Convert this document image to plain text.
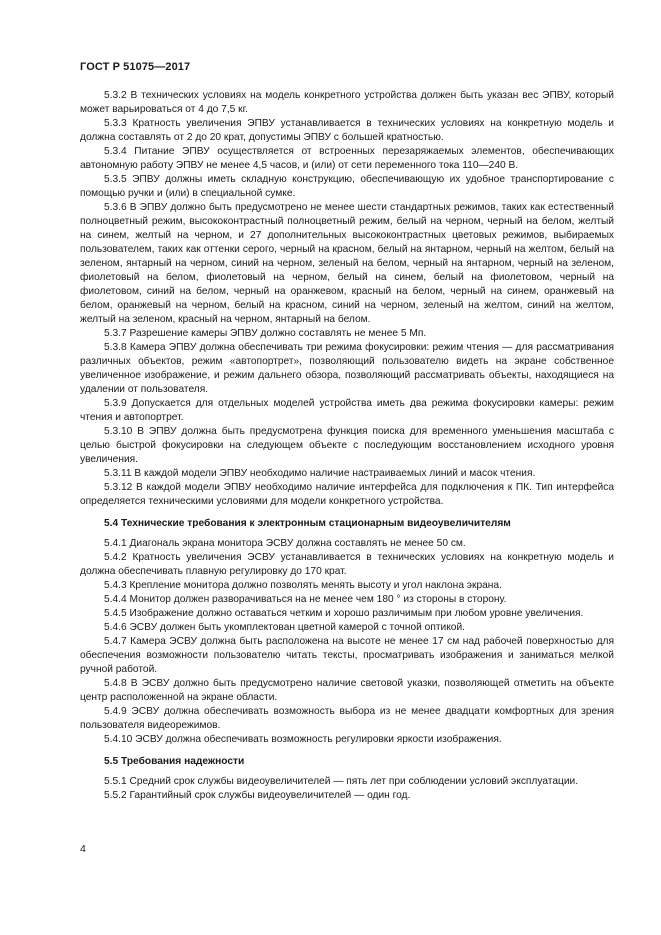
ГОСТ Р 51075—2017

5.3.2 В технических условиях на модель конкретного устройства должен быть указан вес ЭПВУ, который может варьироваться от 4 до 7,5 кг.

5.3.3 Кратность увеличения ЭПВУ устанавливается в технических условиях на конкретную модель и должна составлять от 2 до 20 крат, допустимы ЭПВУ с большей кратностью.

5.3.4 Питание ЭПВУ осуществляется от встроенных перезаряжаемых элементов, обеспечивающих автономную работу ЭПВУ не менее 4,5 часов, и (или) от сети переменного тока 110—240 В.

5.3.5 ЭПВУ должны иметь складную конструкцию, обеспечивающую их удобное транспортирование с помощью ручки и (или) в специальной сумке.

5.3.6 В ЭПВУ должно быть предусмотрено не менее шести стандартных режимов, таких как естественный полноцветный режим, высококонтрастный полноцветный режим, белый на черном, черный на белом, желтый на синем, желтый на черном, и 27 дополнительных высококонтрастных цветовых режимов, выбираемых пользователем, таких как оттенки серого, черный на красном, белый на янтарном, черный на желтом, белый на зеленом, янтарный на черном, синий на черном, зеленый на белом, черный на янтарном, черный на зеленом, фиолетовый на белом, фиолетовый на черном, белый на синем, белый на фиолетовом, черный на фиолетовом, синий на белом, черный на оранжевом, красный на белом, черный на синем, оранжевый на белом, оранжевый на черном, белый на красном, синий на черном, зеленый на желтом, синий на желтом, желтый на зеленом, красный на черном, янтарный на белом.

5.3.7 Разрешение камеры ЭПВУ должно составлять не менее 5 Мп.

5.3.8 Камера ЭПВУ должна обеспечивать три режима фокусировки: режим чтения — для рассматривания различных объектов, режим «автопортрет», позволяющий пользователю видеть на экране собственное увеличенное изображение, и режим дальнего обзора, позволяющий рассматривать объекты, находящиеся на удалении от пользователя.

5.3.9 Допускается для отдельных моделей устройства иметь два режима фокусировки камеры: режим чтения и автопортрет.

5.3.10 В ЭПВУ должна быть предусмотрена функция поиска для временного уменьшения масштаба с целью быстрой фокусировки на следующем объекте с последующим восстановлением исходного уровня увеличения.

5.3.11 В каждой модели ЭПВУ необходимо наличие настраиваемых линий и масок чтения.

5.3.12 В каждой модели ЭПВУ необходимо наличие интерфейса для подключения к ПК. Тип интерфейса определяется техническими условиями для модели конкретного устройства.

5.4 Технические требования к электронным стационарным видеоувеличителям

5.4.1 Диагональ экрана монитора ЭСВУ должна составлять не менее 50 см.

5.4.2 Кратность увеличения ЭСВУ устанавливается в технических условиях на конкретную модель и должна обеспечивать плавную регулировку до 170 крат.

5.4.3 Крепление монитора должно позволять менять высоту и угол наклона экрана.

5.4.4 Монитор должен разворачиваться на не менее чем 180 ° из стороны в сторону.

5.4.5 Изображение должно оставаться четким и хорошо различимым при любом уровне увеличения.

5.4.6 ЭСВУ должен быть укомплектован цветной камерой с точной оптикой.

5.4.7 Камера ЭСВУ должна быть расположена на высоте не менее 17 см над рабочей поверхностью для обеспечения возможности пользователю читать тексты, просматривать изображения и заниматься мелкой ручной работой.

5.4.8 В ЭСВУ должно быть предусмотрено наличие световой указки, позволяющей отметить на объекте центр расположенной на экране области.

5.4.9 ЭСВУ должна обеспечивать возможность выбора из не менее двадцати комфортных для зрения пользователя видеорежимов.

5.4.10 ЭСВУ должна обеспечивать возможность регулировки яркости изображения.

5.5 Требования надежности

5.5.1 Средний срок службы видеоувеличителей — пять лет при соблюдении условий эксплуатации.

5.5.2 Гарантийный срок службы видеоувеличителей — один год.

4
